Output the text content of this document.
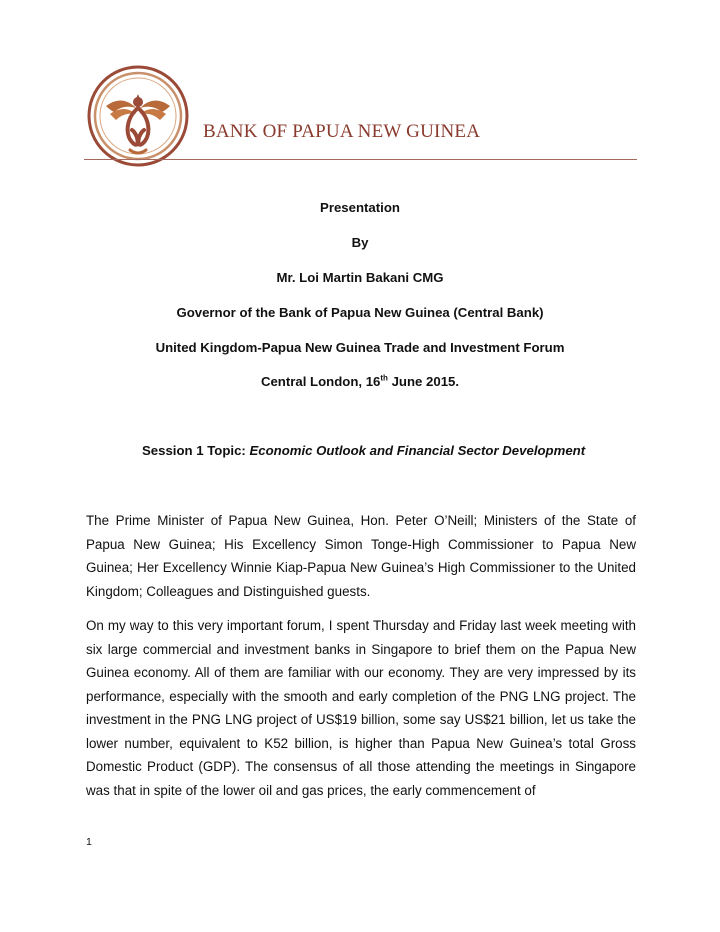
BANK OF PAPUA NEW GUINEA
Presentation
By
Mr. Loi Martin Bakani CMG
Governor of the Bank of Papua New Guinea (Central Bank)
United Kingdom-Papua New Guinea Trade and Investment Forum
Central London, 16th June 2015.
Session 1 Topic: Economic Outlook and Financial Sector Development

The Prime Minister of Papua New Guinea, Hon. Peter O’Neill; Ministers of the State of Papua New Guinea; His Excellency Simon Tonge-High Commissioner to Papua New Guinea; Her Excellency Winnie Kiap-Papua New Guinea’s High Commissioner to the United Kingdom; Colleagues and Distinguished guests.

On my way to this very important forum, I spent Thursday and Friday last week meeting with six large commercial and investment banks in Singapore to brief them on the Papua New Guinea economy. All of them are familiar with our economy. They are very impressed by its performance, especially with the smooth and early completion of the PNG LNG project. The investment in the PNG LNG project of US$19 billion, some say US$21 billion, let us take the lower number, equivalent to K52 billion, is higher than Papua New Guinea’s total Gross Domestic Product (GDP). The consensus of all those attending the meetings in Singapore was that in spite of the lower oil and gas prices, the early commencement of

1
